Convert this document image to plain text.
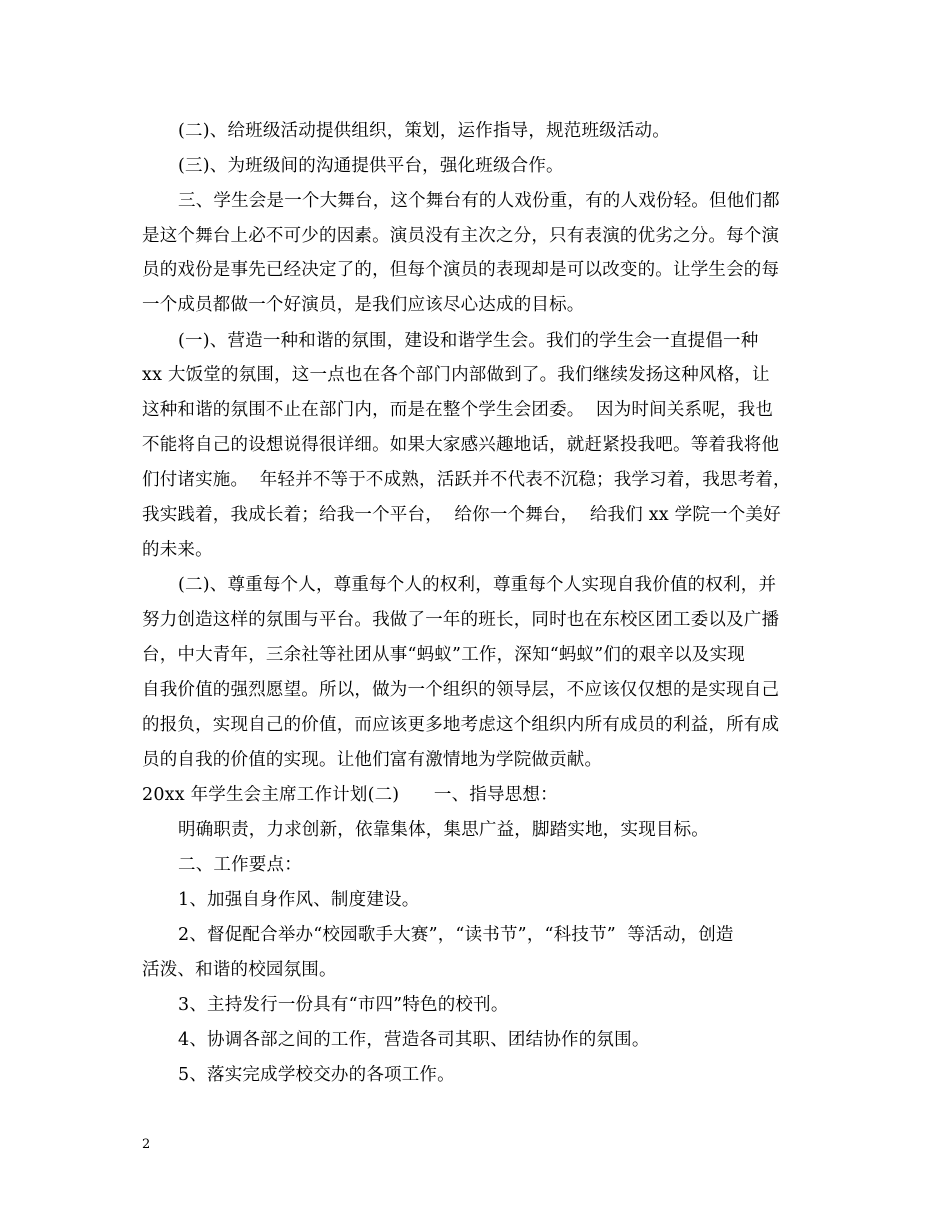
(二)、给班级活动提供组织，策划，运作指导，规范班级活动。
(三)、为班级间的沟通提供平台，强化班级合作。
三、学生会是一个大舞台，这个舞台有的人戏份重，有的人戏份轻。但他们都
是这个舞台上必不可少的因素。演员没有主次之分，只有表演的优劣之分。每个演
员的戏份是事先已经决定了的，但每个演员的表现却是可以改变的。让学生会的每
一个成员都做一个好演员，是我们应该尽心达成的目标。
(一)、营造一种和谐的氛围，建设和谐学生会。我们的学生会一直提倡一种
xx 大饭堂的氛围，这一点也在各个部门内部做到了。我们继续发扬这种风格，让
这种和谐的氛围不止在部门内，而是在整个学生会团委。  因为时间关系呢，我也
不能将自己的设想说得很详细。如果大家感兴趣地话，就赶紧投我吧。等着我将他
们付诸实施。  年轻并不等于不成熟，活跃并不代表不沉稳；我学习着，我思考着，
我实践着，我成长着；给我一个平台，  给你一个舞台，  给我们 xx 学院一个美好
的未来。
(二)、尊重每个人，尊重每个人的权利，尊重每个人实现自我价值的权利，并
努力创造这样的氛围与平台。我做了一年的班长，同时也在东校区团工委以及广播
台，中大青年，三余社等社团从事“蚂蚁”工作，深知“蚂蚁”们的艰辛以及实现
自我价值的强烈愿望。所以，做为一个组织的领导层，不应该仅仅想的是实现自己
的报负，实现自己的价值，而应该更多地考虑这个组织内所有成员的利益，所有成
员的自我的价值的实现。让他们富有激情地为学院做贡献。
20xx 年学生会主席工作计划(二)      一、指导思想：
明确职责，力求创新，依靠集体，集思广益，脚踏实地，实现目标。
二、工作要点：
1、加强自身作风、制度建设。
2、督促配合举办“校园歌手大赛”，“读书节”，“科技节”  等活动，创造
活泼、和谐的校园氛围。
3、主持发行一份具有“市四”特色的校刊。
4、协调各部之间的工作，营造各司其职、团结协作的氛围。
5、落实完成学校交办的各项工作。
2
